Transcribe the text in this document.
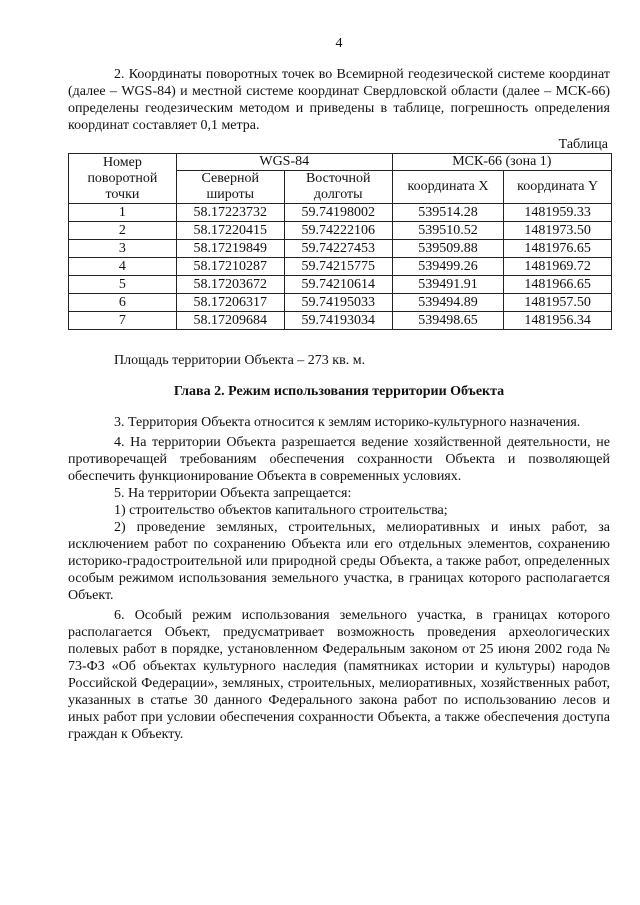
4

2. Координаты поворотных точек во Всемирной геодезической системе координат (далее – WGS-84) и местной системе координат Свердловской области (далее – МСК-66) определены геодезическим методом и приведены в таблице, погрешность определения координат составляет 0,1 метра.

Таблица
Номер поворотной точки	WGS-84		МСК-66 (зона 1)	
	Северной широты	Восточной долготы	координата X	координата Y
1	58.17223732	59.74198002	539514.28	1481959.33
2	58.17220415	59.74222106	539510.52	1481973.50
3	58.17219849	59.74227453	539509.88	1481976.65
4	58.17210287	59.74215775	539499.26	1481969.72
5	58.17203672	59.74210614	539491.91	1481966.65
6	58.17206317	59.74195033	539494.89	1481957.50
7	58.17209684	59.74193034	539498.65	1481956.34

Площадь территории Объекта – 273 кв. м.

Глава 2. Режим использования территории Объекта

3. Территория Объекта относится к землям историко-культурного назначения.

4. На территории Объекта разрешается ведение хозяйственной деятельности, не противоречащей требованиям обеспечения сохранности Объекта и позволяющей обеспечить функционирование Объекта в современных условиях.

5. На территории Объекта запрещается:

1) строительство объектов капитального строительства;

2) проведение земляных, строительных, мелиоративных и иных работ, за исключением работ по сохранению Объекта или его отдельных элементов, сохранению историко-градостроительной или природной среды Объекта, а также работ, определенных особым режимом использования земельного участка, в границах которого располагается Объект.

6. Особый режим использования земельного участка, в границах которого располагается Объект, предусматривает возможность проведения археологических полевых работ в порядке, установленном Федеральным законом от 25 июня 2002 года № 73-ФЗ «Об объектах культурного наследия (памятниках истории и культуры) народов Российской Федерации», земляных, строительных, мелиоративных, хозяйственных работ, указанных в статье 30 данного Федерального закона работ по использованию лесов и иных работ при условии обеспечения сохранности Объекта, а также обеспечения доступа граждан к Объекту.
